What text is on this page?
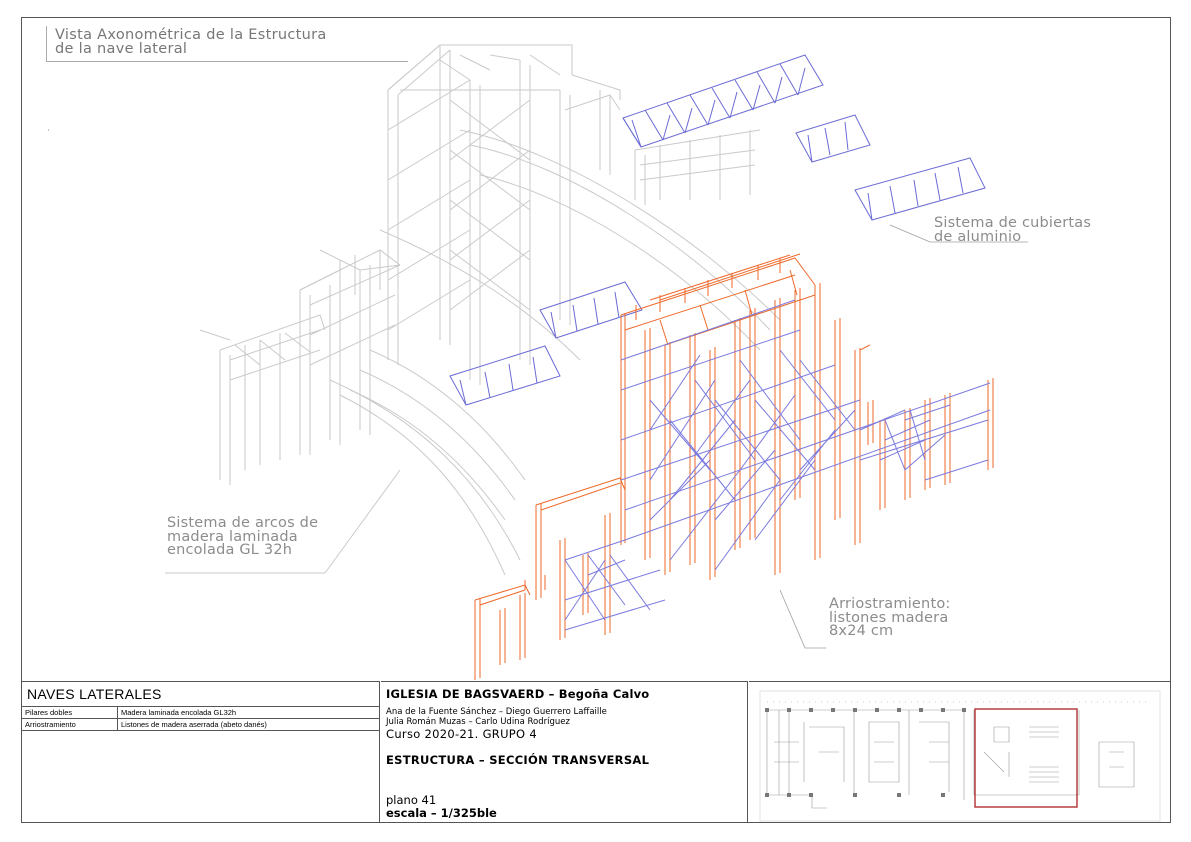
Vista Axonométrica de la Estructura
de la nave lateral
Sistema de cubiertas
de aluminio
Sistema de arcos de
madera laminada
encolada GL 32h
Arriostramiento:
listones madera
8x24 cm
NAVES LATERALES
Pilares dobles	Madera laminada encolada GL32h
Arriostramiento	Listones de madera aserrada (abeto danés)
IGLESIA DE BAGSVAERD – Begoña Calvo
Ana de la Fuente Sánchez – Diego Guerrero Laffaille
Julia Román Muzas – Carlo Udina Rodríguez
Curso 2020-21. GRUPO 4
ESTRUCTURA – SECCIÓN TRANSVERSAL
plano 41
escala – 1/325ble
